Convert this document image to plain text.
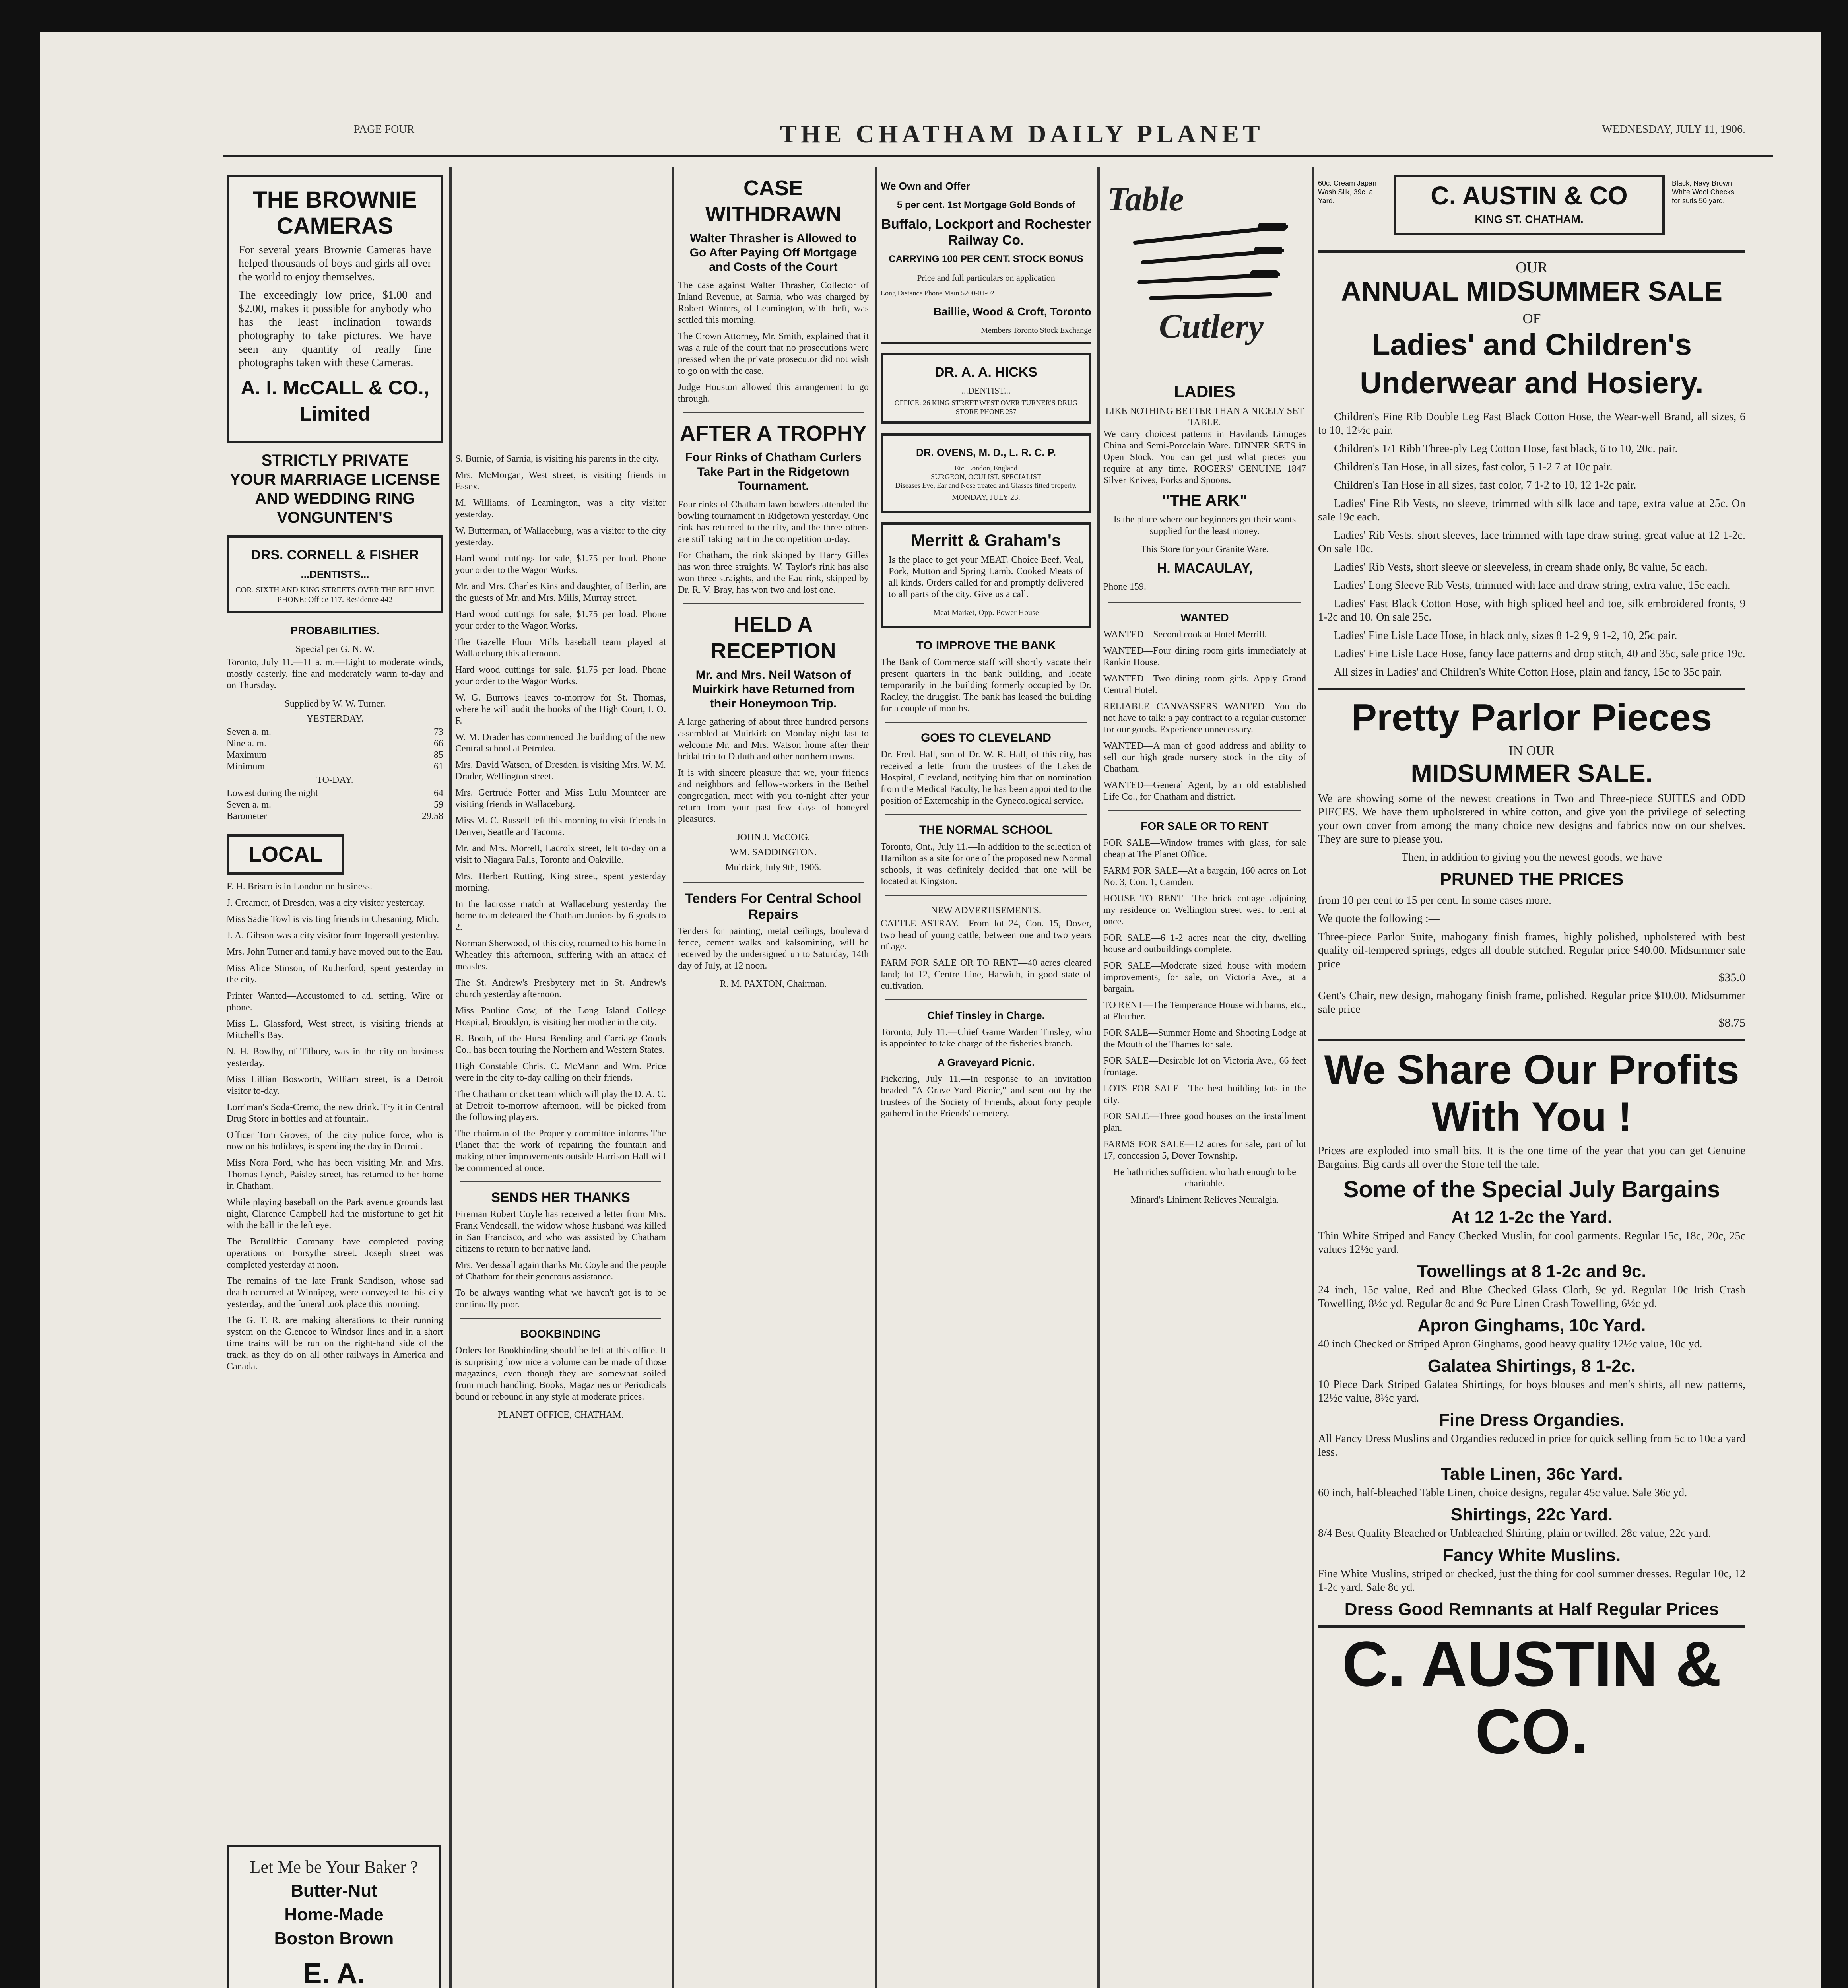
PAGE FOUR	THE CHATHAM DAILY PLANET	WEDNESDAY, JULY 11, 1906.
THE BROWNIE CAMERAS
For several years Brownie Cameras have helped thousands of boys and girls all over the world to enjoy themselves.
The exceedingly low price, $1.00 and $2.00, makes it possible for anybody who has the least inclination towards photography to take pictures. We have seen any quantity of really fine photographs taken with these Cameras.
A. I. McCALL & CO., Limited
STRICTLY PRIVATE
YOUR MARRIAGE LICENSE
AND WEDDING RING
VONGUNTEN'S
DRS. CORNELL & FISHER
...DENTISTS...
COR. SIXTH AND KING STREETS OVER THE BEE HIVE
PHONE: Office 117. Residence 442
PROBABILITIES.
Special per G. N. W.
Toronto, July 11.—11 a. m.—Light to moderate winds, mostly easterly, fine and moderately warm to-day and on Thursday.
Supplied by W. W. Turner.
YESTERDAY.
Seven a. m.	73
Nine a. m.	66
Maximum	85
Minimum	61
TO-DAY.
Lowest during the night	64
Seven a. m.	59
Barometer	29.58
LOCAL
F. H. Brisco is in London on business.
J. Creamer, of Dresden, was a city visitor yesterday.
Miss Sadie Towl is visiting friends in Chesaning, Mich.
J. A. Gibson was a city visitor from Ingersoll yesterday.
Mrs. John Turner and family have moved out to the Eau.
Miss Alice Stinson, of Rutherford, spent yesterday in the city.
Printer Wanted—Accustomed to ad. setting. Wire or phone.
Miss L. Glassford, West street, is visiting friends at Mitchell's Bay.
N. H. Bowlby, of Tilbury, was in the city on business yesterday.
Miss Lillian Bosworth, William street, is a Detroit visitor to-day.
Lorriman's Soda-Cremo, the new drink. Try it in Central Drug Store in bottles and at fountain.
Officer Tom Groves, of the city police force, who is now on his holidays, is spending the day in Detroit.
Miss Nora Ford, who has been visiting Mr. and Mrs. Thomas Lynch, Paisley street, has returned to her home in Chatham.
While playing baseball on the Park avenue grounds last night, Clarence Campbell had the misfortune to get hit with the ball in the left eye.
The Betullthic Company have completed paving operations on Forsythe street. Joseph street was completed yesterday at noon.
The remains of the late Frank Sandison, whose sad death occurred at Winnipeg, were conveyed to this city yesterday, and the funeral took place this morning.
The G. T. R. are making alterations to their running system on the Glencoe to Windsor lines and in a short time trains will be run on the right-hand side of the track, as they do on all other railways in America and Canada.
Let Me be Your Baker ?
Butter-Nut
Home-Made
Boston Brown
E. A.
S. Burnie, of Sarnia, is visiting his parents in the city.
Mrs. McMorgan, West street, is visiting friends in Essex.
M. Williams, of Leamington, was a city visitor yesterday.
W. Butterman, of Wallaceburg, was a visitor to the city yesterday.
Hard wood cuttings for sale, $1.75 per load. Phone your order to the Wagon Works.
Mr. and Mrs. Charles Kins and daughter, of Berlin, are the guests of Mr. and Mrs. Mills, Murray street.
Hard wood cuttings for sale, $1.75 per load. Phone your order to the Wagon Works.
The Gazelle Flour Mills baseball team played at Wallaceburg this afternoon.
Hard wood cuttings for sale, $1.75 per load. Phone your order to the Wagon Works.
W. G. Burrows leaves to-morrow for St. Thomas, where he will audit the books of the High Court, I. O. F.
W. M. Drader has commenced the building of the new Central school at Petrolea.
Mrs. David Watson, of Dresden, is visiting Mrs. W. M. Drader, Wellington street.
Mrs. Gertrude Potter and Miss Lulu Mounteer are visiting friends in Wallaceburg.
Miss M. C. Russell left this morning to visit friends in Denver, Seattle and Tacoma.
Mr. and Mrs. Morrell, Lacroix street, left to-day on a visit to Niagara Falls, Toronto and Oakville.
Mrs. Herbert Rutting, King street, spent yesterday morning.
In the lacrosse match at Wallaceburg yesterday the home team defeated the Chatham Juniors by 6 goals to 2.
Norman Sherwood, of this city, returned to his home in Wheatley this afternoon, suffering with an attack of measles.
The St. Andrew's Presbytery met in St. Andrew's church yesterday afternoon.
Miss Pauline Gow, of the Long Island College Hospital, Brooklyn, is visiting her mother in the city.
R. Booth, of the Hurst Bending and Carriage Goods Co., has been touring the Northern and Western States.
High Constable Chris. C. McMann and Wm. Price were in the city to-day calling on their friends.
The Chatham cricket team which will play the D. A. C. at Detroit to-morrow afternoon, will be picked from the following players.
The chairman of the Property committee informs The Planet that the work of repairing the fountain and making other improvements outside Harrison Hall will be commenced at once.
SENDS HER THANKS
Fireman Robert Coyle has received a letter from Mrs. Frank Vendesall, the widow whose husband was killed in San Francisco, and who was assisted by Chatham citizens to return to her native land.
Mrs. Vendessall again thanks Mr. Coyle and the people of Chatham for their generous assistance.
To be always wanting what we haven't got is to be continually poor.
BOOKBINDING
Orders for Bookbinding should be left at this office. It is surprising how nice a volume can be made of those magazines, even though they are somewhat soiled from much handling. Books, Magazines or Periodicals bound or rebound in any style at moderate prices.
PLANET OFFICE, CHATHAM.
CASE WITHDRAWN
Walter Thrasher is Allowed to Go After Paying Off Mortgage and Costs of the Court
The case against Walter Thrasher, Collector of Inland Revenue, at Sarnia, who was charged by Robert Winters, of Leamington, with theft, was settled this morning.
The Crown Attorney, Mr. Smith, explained that it was a rule of the court that no prosecutions were pressed when the private prosecutor did not wish to go on with the case.
Judge Houston allowed this arrangement to go through.
AFTER A TROPHY
Four Rinks of Chatham Curlers Take Part in the Ridgetown Tournament.
Four rinks of Chatham lawn bowlers attended the bowling tournament in Ridgetown yesterday. One rink has returned to the city, and the three others are still taking part in the competition to-day.
For Chatham, the rink skipped by Harry Gilles has won three straights. W. Taylor's rink has also won three straights, and the Eau rink, skipped by Dr. R. V. Bray, has won two and lost one.
HELD A RECEPTION
Mr. and Mrs. Neil Watson of Muirkirk have Returned from their Honeymoon Trip.
A large gathering of about three hundred persons assembled at Muirkirk on Monday night last to welcome Mr. and Mrs. Watson home after their bridal trip to Duluth and other northern towns.
It is with sincere pleasure that we, your friends and neighbors and fellow-workers in the Bethel congregation, meet with you to-night after your return from your past few days of honeyed pleasures.
JOHN J. McCOIG.
WM. SADDINGTON.
Muirkirk, July 9th, 1906.
Tenders For Central School Repairs
Tenders for painting, metal ceilings, boulevard fence, cement walks and kalsomining, will be received by the undersigned up to Saturday, 14th day of July, at 12 noon.
R. M. PAXTON, Chairman.
We Own and Offer
5 per cent. 1st Mortgage Gold Bonds of
Buffalo, Lockport and Rochester Railway Co.
CARRYING 100 PER CENT. STOCK BONUS
Price and full particulars on application
Long Distance Phone Main 5200-01-02
Baillie, Wood & Croft, Toronto
Members Toronto Stock Exchange
DR. A. A. HICKS
...DENTIST...
OFFICE: 26 KING STREET WEST OVER TURNER'S DRUG STORE PHONE 257
DR. OVENS, M. D., L. R. C. P.
Etc. London, England
SURGEON, OCULIST, SPECIALIST
Diseases Eye, Ear and Nose treated and Glasses fitted properly.
MONDAY, JULY 23.
Merritt & Graham's
Is the place to get your MEAT. Choice Beef, Veal, Pork, Mutton and Spring Lamb. Cooked Meats of all kinds. Orders called for and promptly delivered to all parts of the city. Give us a call.
Meat Market, Opp. Power House
TO IMPROVE THE BANK
The Bank of Commerce staff will shortly vacate their present quarters in the bank building, and locate temporarily in the building formerly occupied by Dr. Radley, the druggist. The bank has leased the building for a couple of months.
GOES TO CLEVELAND
Dr. Fred. Hall, son of Dr. W. R. Hall, of this city, has received a letter from the trustees of the Lakeside Hospital, Cleveland, notifying him that on nomination from the Medical Faculty, he has been appointed to the position of Externeship in the Gynecological service.
THE NORMAL SCHOOL
Toronto, Ont., July 11.—In addition to the selection of Hamilton as a site for one of the proposed new Normal schools, it was definitely decided that one will be located at Kingston.
NEW ADVERTISEMENTS.
CATTLE ASTRAY.—From lot 24, Con. 15, Dover, two head of young cattle, between one and two years of age.
FARM FOR SALE OR TO RENT—40 acres cleared land; lot 12, Centre Line, Harwich, in good state of cultivation.
Chief Tinsley in Charge.
Toronto, July 11.—Chief Game Warden Tinsley, who is appointed to take charge of the fisheries branch.
A Graveyard Picnic.
Pickering, July 11.—In response to an invitation headed "A Grave-Yard Picnic," and sent out by the trustees of the Society of Friends, about forty people gathered in the Friends' cemetery.
Table
Cutlery
LADIES
LIKE NOTHING BETTER THAN A NICELY SET TABLE.
We carry choicest patterns in Havilands Limoges China and Semi-Porcelain Ware. DINNER SETS in Open Stock. You can get just what pieces you require at any time. ROGERS' GENUINE 1847 Silver Knives, Forks and Spoons.
"THE ARK"
Is the place where our beginners get their wants supplied for the least money.
This Store for your Granite Ware.
H. MACAULAY,
Phone 159.
WANTED
WANTED—Second cook at Hotel Merrill.
WANTED—Four dining room girls immediately at Rankin House.
WANTED—Two dining room girls. Apply Grand Central Hotel.
RELIABLE CANVASSERS WANTED—You do not have to talk: a pay contract to a regular customer for our goods. Experience unnecessary.
WANTED—A man of good address and ability to sell our high grade nursery stock in the city of Chatham.
WANTED—General Agent, by an old established Life Co., for Chatham and district.
FOR SALE OR TO RENT
FOR SALE—Window frames with glass, for sale cheap at The Planet Office.
FARM FOR SALE—At a bargain, 160 acres on Lot No. 3, Con. 1, Camden.
HOUSE TO RENT—The brick cottage adjoining my residence on Wellington street west to rent at once.
FOR SALE—6 1-2 acres near the city, dwelling house and outbuildings complete.
FOR SALE—Moderate sized house with modern improvements, for sale, on Victoria Ave., at a bargain.
TO RENT—The Temperance House with barns, etc., at Fletcher.
FOR SALE—Summer Home and Shooting Lodge at the Mouth of the Thames for sale.
FOR SALE—Desirable lot on Victoria Ave., 66 feet frontage.
LOTS FOR SALE—The best building lots in the city.
FOR SALE—Three good houses on the installment plan.
FARMS FOR SALE—12 acres for sale, part of lot 17, concession 5, Dover Township.
He hath riches sufficient who hath enough to be charitable.
Minard's Liniment Relieves Neuralgia.
60c. Cream Japan Wash Silk, 39c. a Yard.	C. AUSTIN & CO
KING ST. CHATHAM.
Black, Navy Brown White Wool Checks for suits 50 yard.
OUR
ANNUAL MIDSUMMER SALE
OF
Ladies' and Children's Underwear and Hosiery.
Children's Fine Rib Double Leg Fast Black Cotton Hose, the Wear-well Brand, all sizes, 6 to 10, 12½c pair.
Children's 1/1 Ribb Three-ply Leg Cotton Hose, fast black, 6 to 10, 20c. pair.
Children's Tan Hose, in all sizes, fast color, 5 1-2 7 at 10c pair.
Children's Tan Hose in all sizes, fast color, 7 1-2 to 10, 12 1-2c pair.
Ladies' Fine Rib Vests, no sleeve, trimmed with silk lace and tape, extra value at 25c. On sale 19c each.
Ladies' Rib Vests, short sleeves, lace trimmed with tape draw string, great value at 12 1-2c. On sale 10c.
Ladies' Rib Vests, short sleeve or sleeveless, in cream shade only, 8c value, 5c each.
Ladies' Long Sleeve Rib Vests, trimmed with lace and draw string, extra value, 15c each.
Ladies' Fast Black Cotton Hose, with high spliced heel and toe, silk embroidered fronts, 9 1-2c and 10. On sale 25c.
Ladies' Fine Lisle Lace Hose, in black only, sizes 8 1-2 9, 9 1-2, 10, 25c pair.
Ladies' Fine Lisle Lace Hose, fancy lace patterns and drop stitch, 40 and 35c, sale price 19c.
All sizes in Ladies' and Children's White Cotton Hose, plain and fancy, 15c to 35c pair.
Pretty Parlor Pieces
IN OUR
MIDSUMMER SALE.
We are showing some of the newest creations in Two and Three-piece SUITES and ODD PIECES. We have them upholstered in white cotton, and give you the privilege of selecting your own cover from among the many choice new designs and fabrics now on our shelves. They are sure to please you.
Then, in addition to giving you the newest goods, we have
PRUNED THE PRICES
from 10 per cent to 15 per cent. In some cases more.
We quote the following :—
Three-piece Parlor Suite, mahogany finish frames, highly polished, upholstered with best quality oil-tempered springs, edges all double stitched. Regular price $40.00. Midsummer sale price
$35.0
Gent's Chair, new design, mahogany finish frame, polished. Regular price $10.00. Midsummer sale price
$8.75
We Share Our Profits With You !
Prices are exploded into small bits. It is the one time of the year that you can get Genuine Bargains. Big cards all over the Store tell the tale.
Some of the Special July Bargains
At 12 1-2c the Yard.
Thin White Striped and Fancy Checked Muslin, for cool garments. Regular 15c, 18c, 20c, 25c values 12½c yard.
Towellings at 8 1-2c and 9c.
24 inch, 15c value, Red and Blue Checked Glass Cloth, 9c yd. Regular 10c Irish Crash Towelling, 8½c yd. Regular 8c and 9c Pure Linen Crash Towelling, 6½c yd.
Apron Ginghams, 10c Yard.
40 inch Checked or Striped Apron Ginghams, good heavy quality 12½c value, 10c yd.
Galatea Shirtings, 8 1-2c.
10 Piece Dark Striped Galatea Shirtings, for boys blouses and men's shirts, all new patterns, 12½c value, 8½c yard.
Fine Dress Organdies.
All Fancy Dress Muslins and Organdies reduced in price for quick selling from 5c to 10c a yard less.
Table Linen, 36c Yard.
60 inch, half-bleached Table Linen, choice designs, regular 45c value. Sale 36c yd.
Shirtings, 22c Yard.
8/4 Best Quality Bleached or Unbleached Shirting, plain or twilled, 28c value, 22c yard.
Fancy White Muslins.
Fine White Muslins, striped or checked, just the thing for cool summer dresses. Regular 10c, 12 1-2c yard. Sale 8c yd.
Dress Good Remnants at Half Regular Prices
C. AUSTIN & CO.
